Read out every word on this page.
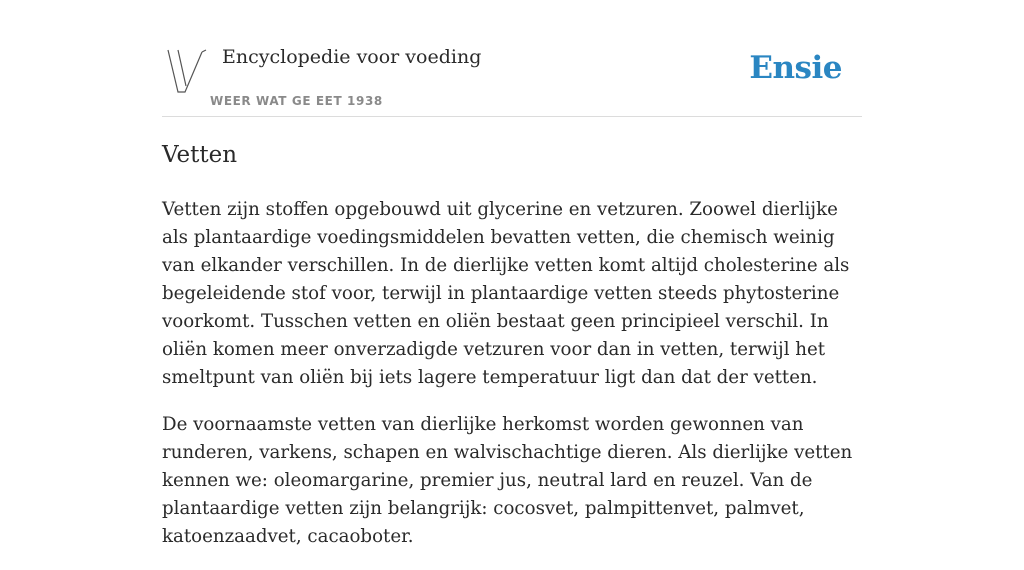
Encyclopedie voor voeding
WEER WAT GE EET 1938
Ensie
Vetten

Vetten zijn stoffen opgebouwd uit glycerine en vetzuren. Zoowel dierlijke als plantaardige voedingsmiddelen bevatten vetten, die chemisch weinig van elkander verschillen. In de dierlijke vetten komt altijd cholesterine als begeleidende stof voor, terwijl in plantaardige vetten steeds phytosterine voorkomt. Tusschen vetten en oliën bestaat geen principieel verschil. In oliën komen meer onverzadigde vetzuren voor dan in vetten, terwijl het smeltpunt van oliën bij iets lagere temperatuur ligt dan dat der vetten.

De voornaamste vetten van dierlijke herkomst worden gewonnen van runderen, varkens, schapen en walvischachtige dieren. Als dierlijke vetten kennen we: oleomargarine, premier jus, neutral lard en reuzel. Van de plantaardige vetten zijn belangrijk: cocosvet, palmpittenvet, palmvet, katoenzaadvet, cacaoboter.
